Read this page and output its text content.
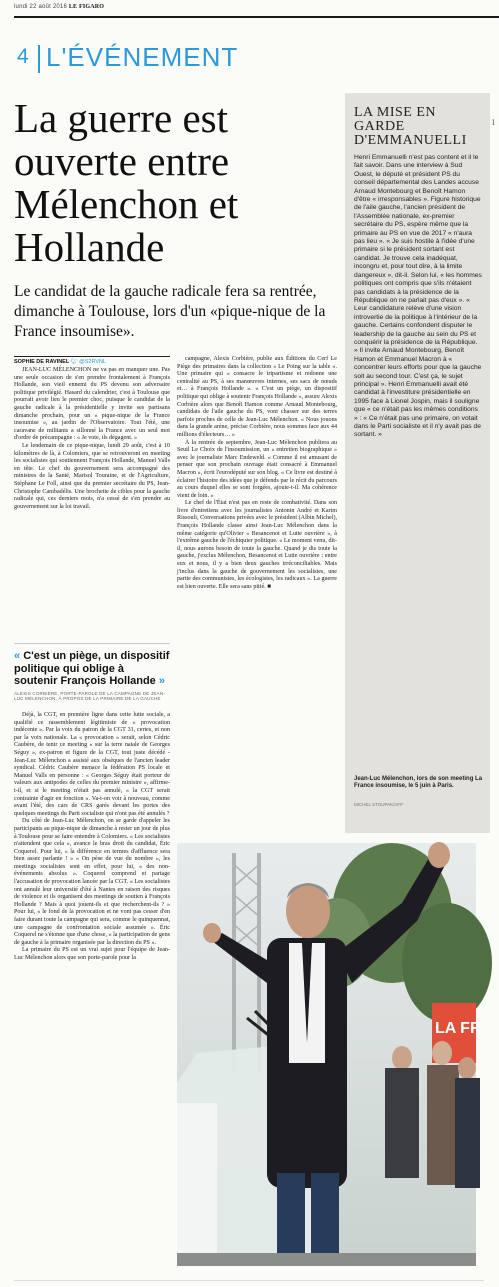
lundi 22 août 2016 LE FIGARO
4 L'ÉVÉNEMENT
La guerre est ouverte entre Mélenchon et Hollande
Le candidat de la gauche radicale fera sa rentrée, dimanche à Toulouse, lors d'un «pique-nique de la France insoumise».
SOPHIE DE RAVINEL 🐦︎ @S2RVNL

JEAN-LUC MÉLENCHON ne va pas en manquer une. Pas une seule occasion de s'en prendre frontalement à François Hollande, son vieil ennemi du PS devenu son adversaire politique privilégié. Hasard du calendrier, c'est à Toulouse que pourrait avoir lieu le premier choc, puisque le candidat de la gauche radicale à la présidentielle y invite ses partisans dimanche prochain, pour un « pique-nique de la France insoumise », au jardin de l'Observatoire. Tout l'été, une caravane de militants a sillonné la France avec un seul mot d'ordre de précampagne : « Je vote, ils dégagent. »

Le lendemain de ce pique-nique, lundi 29 août, c'est à 10 kilomètres de là, à Colomiers, que se retrouveront en meeting les socialistes qui soutiennent François Hollande, Manuel Valls en tête. Le chef du gouvernement sera accompagné des ministres de la Santé, Marisol Touraine, et de l'Agriculture, Stéphane Le Foll, ainsi que du premier secrétaire du PS, Jean-Christophe Cambadélis. Une brochette de cibles pour la gauche radicale qui, ces derniers mois, n'a cessé de s'en prendre au gouvernement sur la loi travail.

« C'est un piège, un dispositif politique qui oblige à soutenir François Hollande »
ALEXIS CORBIÈRE, PORTE-PAROLE DE LA CAMPAGNE DE JEAN-LUC MÉLENCHON, À PROPOS DE LA PRIMAIRE DE LA GAUCHE

Déjà, la CGT, en première ligne dans cette lutte sociale, a qualifié ce rassemblement légitimiste de « provocation indécente ». Par la voix du patron de la CGT 31, certes, et non par la voix nationale. La « provocation » serait, selon Cédric Caubère, de tenir ce meeting « sur la terre natale de Georges Séguy », ex-patron et figure de la CGT, tout juste décédé - Jean-Luc Mélenchon a assisté aux obsèques de l'ancien leader syndical. Cédric Caubère menace la fédération PS locale et Manuel Valls en personne : « Georges Séguy était porteur de valeurs aux antipodes de celles du premier ministre », affirme-t-il, et si le meeting n'était pas annulé, « la CGT serait contrainte d'agir en fonction ». Va-t-on voir à nouveau, comme avant l'été, des cars de CRS garés devant les portes des quelques meetings du Parti socialiste qui n'ont pas été annulés ?

Du côté de Jean-Luc Mélenchon, on se garde d'appeler les participants au pique-nique de dimanche à rester un jour de plus à Toulouse pour se faire entendre à Colomiers. « Les socialistes n'attendent que cela », avance le bras droit du candidat, Éric Coquerel. Pour lui, « la différence en termes d'affluence sera bien assez parlante ! » « On pèse de vue du nombre », les meetings socialistes sont en effet, pour lui, « des non-événements absolus ». Coquerel comprend et partage l'accusation de provocation lancée par la CGT. « Les socialistes ont annulé leur université d'été à Nantes en raison des risques de violence et ils organisent des meetings de soutien à François Hollande ? Mais à quoi jouent-ils et que recherchent-ils ? » Pour lui, « le fond de la provocation et ne vont pas cesser d'en faire durant toute la campagne qui sera, comme le quinquennat, une campagne de confrontation sociale assumée ». Éric Coquerel ne s'étonne que d'une chose, « la participation de gens de gauche à la primaire organisée par la direction du PS ».

La primaire du PS est un vrai sujet pour l'équipe de Jean-Luc Mélenchon alors que son porte-parole pour la

campagne, Alexis Corbière, publie aux Éditions du Cerf Le Piège des primaires dans la collection « Le Poing sur la table ». Une primaire qui « consacre le tripartisme et redonne une centralité au PS, à ses manœuvres internes, ses sacs de nœuds et… à François Hollande ». « C'est un piège, un dispositif politique qui oblige à soutenir François Hollande », assure Alexis Corbière alors que Benoît Hamon comme Arnaud Montebourg, candidats de l'aile gauche du PS, vont chasser sur des terres parfois proches de celle de Jean-Luc Mélenchon. « Nous jouons dans la grande arène, précise Corbière, nous sommes face aux 44 millions d'électeurs… »

À la rentrée de septembre, Jean-Luc Mélenchon publiera au Seuil Le Choix de l'insoumission, un « entretien biographique » avec le journaliste Marc Endeweld. « Comme il est amusant de penser que son prochain ouvrage était consacré à Emmanuel Macron », écrit l'eurodéputé sur son blog. « Ce livre est destiné à éclairer l'histoire des idées que je défends par le récit du parcours au cours duquel elles se sont forgées, ajoute-t-il. Ma cohérence vient de loin. »

Le chef de l'État n'est pas en reste de combativité. Dans son livre d'entretiens avec les journalistes Antonin André et Karim Rissouli, Conversations privées avec le président (Albin Michel), François Hollande classe ainsi Jean-Luc Mélenchon dans la même catégorie qu'Olivier « Besancenot et Lutte ouvrière », à l'extrême gauche de l'échiquier politique. « Le moment venu, dit-il, nous aurons besoin de toute la gauche. Quand je dis toute la gauche, j'exclus Mélenchon, Besancenot et Lutte ouvrière : entre eux et nous, il y a bien deux gauches irréconciliables. Mais j'inclus dans la gauche de gouvernement les socialistes, une partie des communistes, les écologistes, les radicaux ». La guerre est bien ouverte. Elle sera sans pitié. ■

LA MISE EN GARDE D'EMMANUELLI
Henri Emmanuelli n'est pas content et il le fait savoir. Dans une interview à Sud Ouest, le député et président PS du conseil départemental des Landes accuse Arnaud Montebourg et Benoît Hamon d'être « irresponsables ». Figure historique de l'aile gauche, l'ancien président de l'Assemblée nationale, ex-premier secrétaire du PS, espère même que la primaire au PS en vue de 2017 « n'aura pas lieu ». « Je suis hostile à l'idée d'une primaire si le président sortant est candidat. Je trouve cela inadéquat, incongru et, pour tout dire, à la limite dangereux », dit-il. Selon lui, « les hommes politiques ont compris que s'ils n'étaient pas candidats à la présidence de la République on ne parlait pas d'eux ». « Leur candidature relève d'une vision introvertie de la politique à l'intérieur de la gauche. Certains confondent disputer le leadership de la gauche au sein du PS et conquérir la présidence de la République. » Il invite Arnaud Montebourg, Benoît Hamon et Emmanuel Macron à « concentrer leurs efforts pour que la gauche soit au second tour. C'est ça, le sujet principal ». Henri Emmanuelli avait été candidat à l'investiture présidentielle en 1995 face à Lionel Jospin, mais il souligne que « ce n'était pas les mêmes conditions » : « Ce n'était pas une primaire, on votait dans le Parti socialiste et il n'y avait pas de sortant. »
Jean-Luc Mélenchon, lors de son meeting La France insoumise, le 5 juin à Paris.
MICHEL STOUPAK/AFP
I
LA FR
